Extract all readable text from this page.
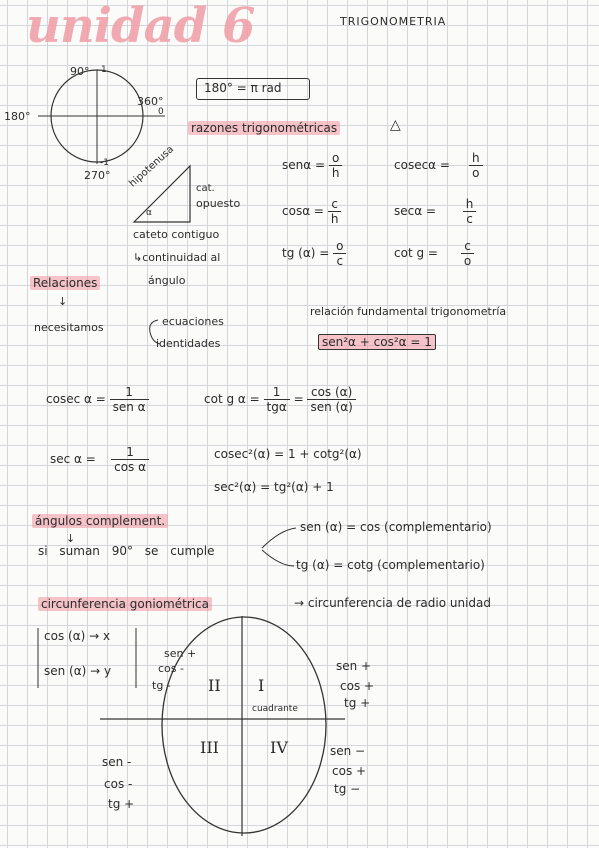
unidad 6	TRIGONOMETRIA
90° 1
360°
0
180°
-1
270°
180° = π rad
razones trigonométricas	△
hipotenusa cat.
opuesto
α
cateto contiguo
↳continuidad al
ángulo
$sen\alpha = \frac{o}{h}$	$cosec\alpha = \frac{h}{o}$
$\cos\alpha = \frac{c}{h}$	$\sec\alpha = \frac{h}{c}$
tg $(\alpha) = \frac{o}{c}$	$\cot g = \frac{c}{o}$
Relaciones
↓
necesitamos	ecuaciones
identidades
relación fundamental trigonometría
sen²α + cos²α = 1
cosec $\alpha = \frac{1}{\text{sen α}}$	cot g $\alpha = \frac{1}{\text{tgα}} = \frac{\cos (\alpha)}{\text{sen (α)}}$
$\sec \alpha = \frac{1}{\text{cos α}}$	cosec²(α) = 1 + cotg²(α)
sec²(α) = tg²(α) + 1
ángulos complement.
↓
si suman 90° se cumple
sen (α) = cos (complementario)
tg (α) = cotg (complementario)
circunferencia goniométrica	→ circunferencia de radio unidad
cos (α) → x
sen (α) → y
II I
cuadrante
III	IV
sen +
cos -
tg -
sen +
cos +
tg +
sen -
cos -
tg +
sen −
cos +
tg −
